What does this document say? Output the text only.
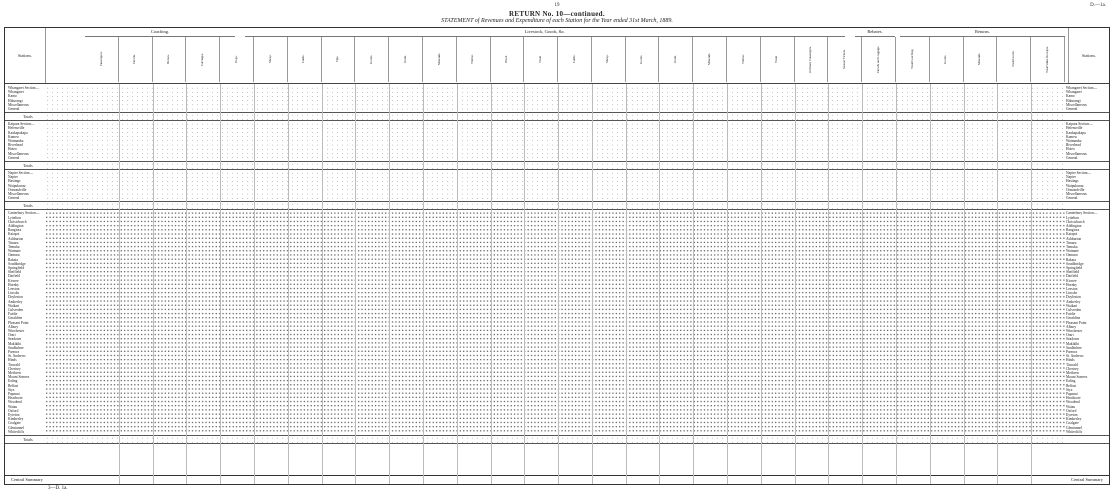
19	D.—1a.
RETURN No. 10—continued.
STATEMENT of Revenues and Expenditure of each Station for the Year ended 31st March, 1889.
Stations.
Coaching.	Livestock, Goods, &c.	Rebates.	Returns.
Passengers.	Parcels.	Horses.	Carriages.	Dogs.	Sheep.	Cattle.	Pigs.	Goods.	Grain.	Minerals.	Timber.	Wool.	Total.	Cattle.	Sheep.	Goods.	Grain.	Minerals.	Timber.	Total.	Ordinary Passengers.	Season Tickets.	Parcels and Luggage.	Total Coaching.	Goods.	Minerals.	Total Goods.	Total Value Receipts.	Stations.
Whangarei Section—	Whangarei Section—
Whangarei	Whangarei
Kamo	Kamo
Hikurangi	Hikurangi
Miscellaneous	Miscellaneous
General	General
Totals
Kaipara Section—	Kaipara Section—
Helensville	Helensville
Kaukapakapa	Kaukapakapa
Kumeu	Kumeu
Waimauku	Waimauku
Riverhead	Riverhead
Hoteo	Hoteo
Miscellaneous	Miscellaneous
General	General
Totals
Napier Section—	Napier Section—
Napier	Napier
Hastings	Hastings
Waipukurau	Waipukurau
Ormondville	Ormondville
Miscellaneous	Miscellaneous
General	General
Totals
Canterbury Section—	Canterbury Section—
Lyttelton	Lyttelton
Christchurch	Christchurch
Addington	Addington
Rangiora	Rangiora
Kaiapoi	Kaiapoi
Ashburton	Ashburton
Timaru	Timaru
Temuka	Temuka
Waimate	Waimate
Oamaru	Oamaru
Rakaia	Rakaia
Southbridge	Southbridge
Springfield	Springfield
Sheffield	Sheffield
Darfield	Darfield
Kirwee	Kirwee
Hornby	Hornby
Leeston	Leeston
Lincoln	Lincoln
Doyleston	Doyleston
Amberley	Amberley
Waikari	Waikari
Culverden	Culverden
Fairlie	Fairlie
Geraldine	Geraldine
Pleasant Point	Pleasant Point
Albury	Albury
Winchester	Winchester
Orari	Orari
Seadown	Seadown
Makikihi	Makikihi
Studholme	Studholme
Pareora	Pareora
St. Andrews	St. Andrews
Hinds	Hinds
Tinwald	Tinwald
Chertsey	Chertsey
Methven	Methven
Mount Somers	Mount Somers
Ealing	Ealing
Belfast	Belfast
Styx	Styx
Papanui	Papanui
Heathcote	Heathcote
Woodend	Woodend
Waiau	Waiau
Oxford	Oxford
Eyreton	Eyreton
Kimberley	Kimberley
Coalgate	Coalgate
Glentunnel	Glentunnel
Whitecliffs	Whitecliffs
Totals
Central Summary	Central Summary
3—D. 1a.
